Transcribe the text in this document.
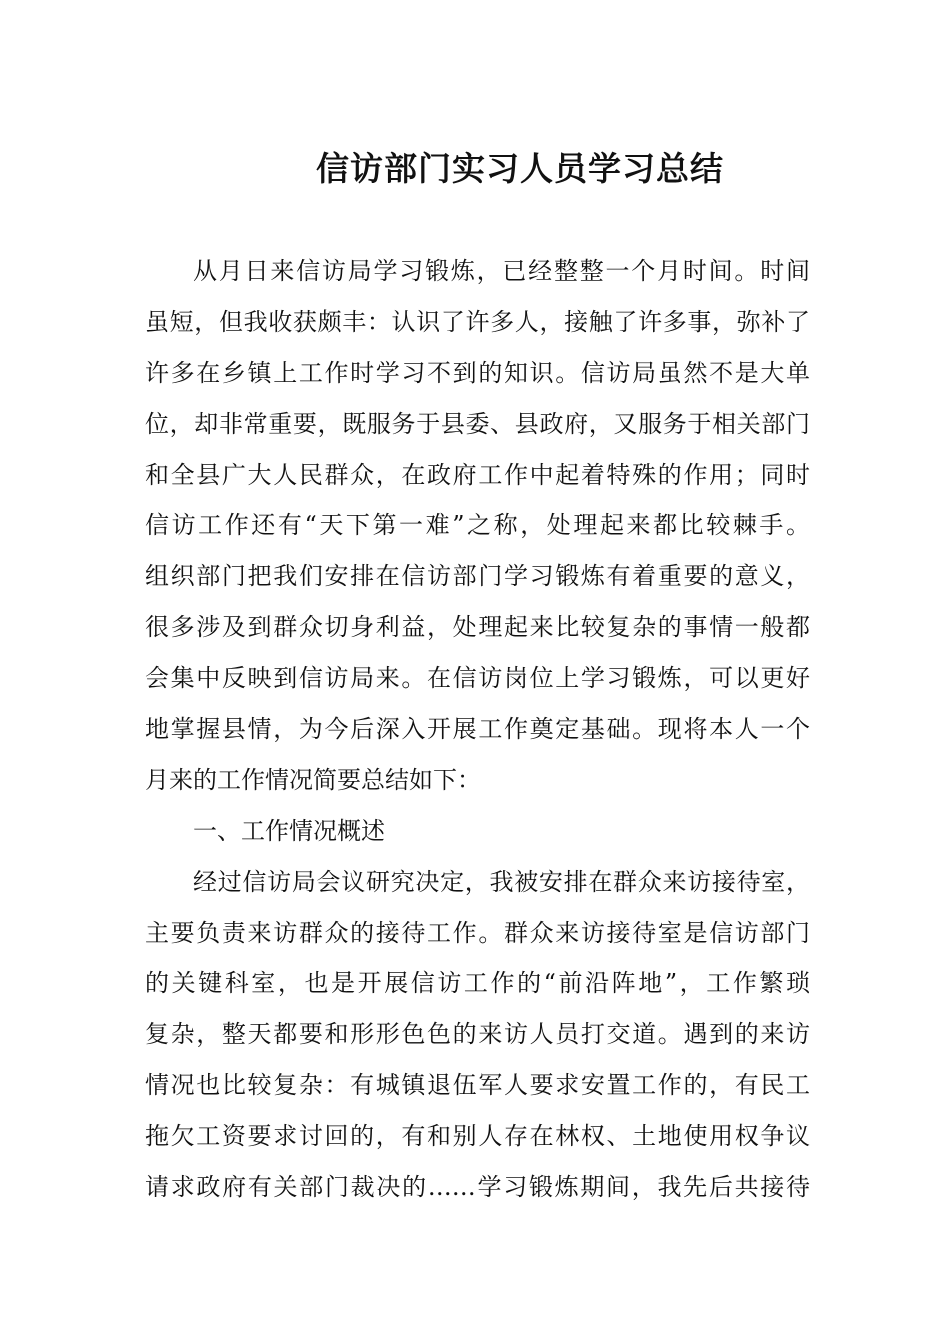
信访部门实习人员学习总结
从月日来信访局学习锻炼，已经整整一个月时间。时间
虽短，但我收获颇丰：认识了许多人，接触了许多事，弥补了
许多在乡镇上工作时学习不到的知识。信访局虽然不是大单
位，却非常重要，既服务于县委、县政府，又服务于相关部门
和全县广大人民群众，在政府工作中起着特殊的作用；同时
信访工作还有“天下第一难”之称，处理起来都比较棘手。
组织部门把我们安排在信访部门学习锻炼有着重要的意义，
很多涉及到群众切身利益，处理起来比较复杂的事情一般都
会集中反映到信访局来。在信访岗位上学习锻炼，可以更好
地掌握县情，为今后深入开展工作奠定基础。现将本人一个
月来的工作情况简要总结如下：
一、工作情况概述
经过信访局会议研究决定，我被安排在群众来访接待室，
主要负责来访群众的接待工作。群众来访接待室是信访部门
的关键科室，也是开展信访工作的“前沿阵地”，工作繁琐
复杂，整天都要和形形色色的来访人员打交道。遇到的来访
情况也比较复杂：有城镇退伍军人要求安置工作的，有民工
拖欠工资要求讨回的，有和别人存在林权、土地使用权争议
请求政府有关部门裁决的……学习锻炼期间，我先后共接待
